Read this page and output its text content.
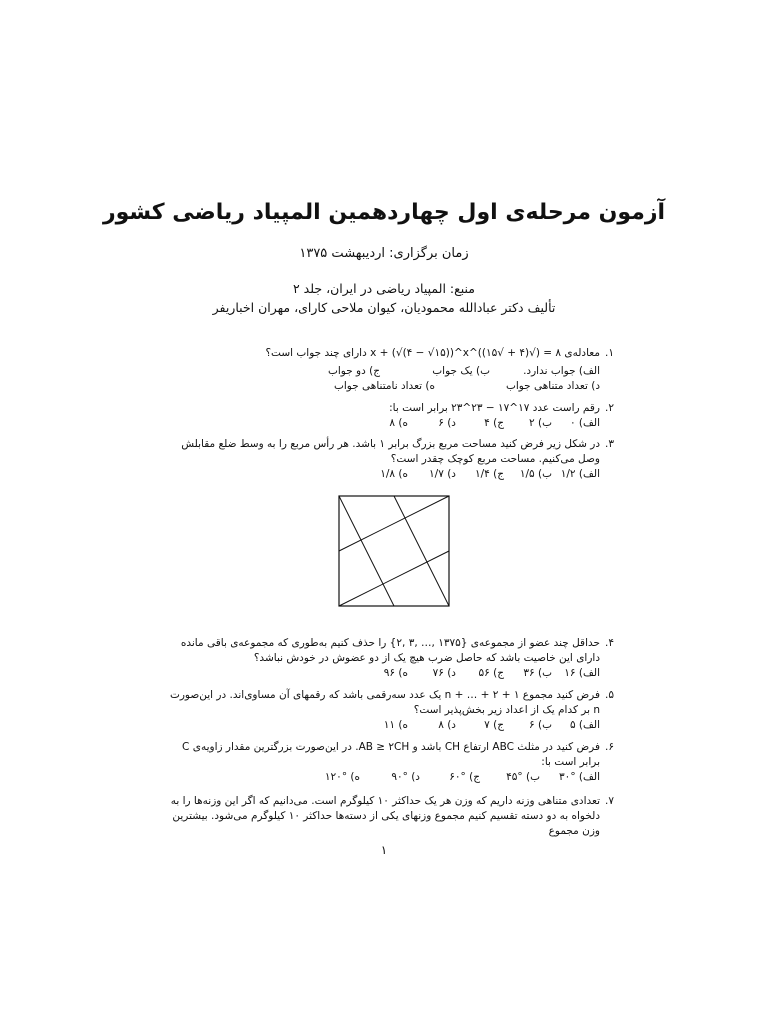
آزمون مرحله‌ی اول چهاردهمین المپیاد ریاضی کشور
زمان برگزاری: اردیبهشت ۱۳۷۵
منبع: المپیاد ریاضی در ایران، جلد ۲
تألیف دکتر عبادالله محمودیان، کیوان ملاحی کارای، مهران اخباریفر
۱.

معادله‌ی ۸ = (√(۴ + √۱۵))^x + (√(۴ − √۱۵))^x دارای چند جواب است؟

الف) جواب ندارد.
ب) یک جواب
ج) دو جواب
د) تعداد متناهی جواب
ه) تعداد نامتناهی جواب
۲.

رقم راست عدد ۱۷^۱۷ − ۲۳^۲۳ برابر است با:

الف) ۰
ب) ۲
ج) ۴
د) ۶
ه) ۸
۳.

در شکل زیر فرض کنید مساحت مربع بزرگ برابر ۱ باشد. هر رأس مربع را به وسط ضلع مقابلش وصل می‌کنیم. مساحت مربع کوچک چقدر است؟

الف) ۱/۲
ب) ۱/۵
ج) ۱/۴
د) ۱/۷
ه) ۱/۸
۴.

حداقل چند عضو از مجموعه‌ی {۱۳۷۵ ,… ,۳ ,۲} را حذف کنیم به‌طوری که مجموعه‌ی باقی مانده دارای این خاصیت باشد که حاصل ضرب هیچ یک از دو عضوش در خودش نباشد؟

الف) ۱۶
ب) ۳۶
ج) ۵۶
د) ۷۶
ه) ۹۶
۵.

فرض کنید مجموع n + … + ۲ + ۱ یک عدد سه‌رقمی باشد که رقمهای آن مساوی‌اند. در این‌صورت n بر کدام یک از اعداد زیر بخش‌پذیر است؟

الف) ۵
ب) ۶
ج) ۷
د) ۸
ه) ۱۱
۶.

فرض کنید در مثلث ABC ارتفاع CH باشد و AB ≥ ۲CH. در این‌صورت بزرگترین مقدار زاویه‌ی C برابر است با:

الف) °۳۰
ب) °۴۵
ج) °۶۰
د) °۹۰
ه) °۱۲۰
۷.

تعدادی متناهی وزنه داریم که وزن هر یک حداکثر ۱۰ کیلوگرم است. می‌دانیم که اگر این وزنه‌ها را به دلخواه به دو دسته تقسیم کنیم مجموع وزنهای یکی از دسته‌ها حداکثر ۱۰ کیلوگرم می‌شود. بیشترین وزن مجموع

۱
